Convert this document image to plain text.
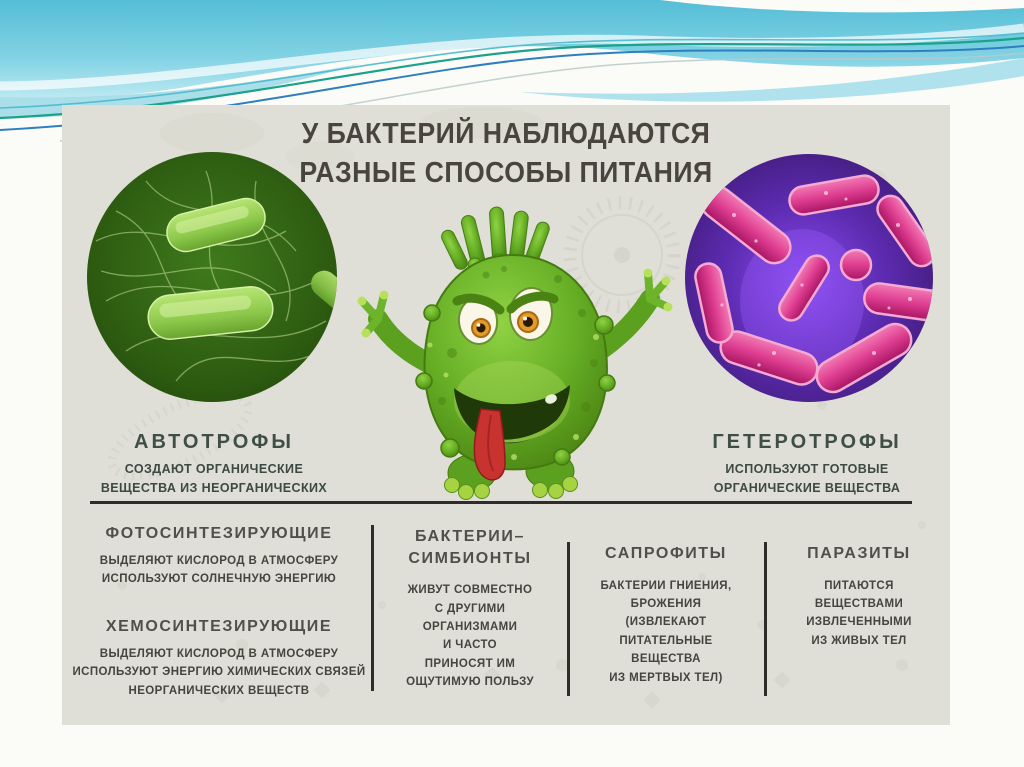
У БАКТЕРИЙ НАБЛЮДАЮТСЯ
РАЗНЫЕ СПОСОБЫ ПИТАНИЯ
АВТОТРОФЫ
СОЗДАЮТ ОРГАНИЧЕСКИЕ
ВЕЩЕСТВА ИЗ НЕОРГАНИЧЕСКИХ
ГЕТЕРОТРОФЫ
ИСПОЛЬЗУЮТ ГОТОВЫЕ
ОРГАНИЧЕСКИЕ ВЕЩЕСТВА
ФОТОСИНТЕЗИРУЮЩИЕ
ВЫДЕЛЯЮТ КИСЛОРОД В АТМОСФЕРУ
ИСПОЛЬЗУЮТ СОЛНЕЧНУЮ ЭНЕРГИЮ
ХЕМОСИНТЕЗИРУЮЩИЕ
ВЫДЕЛЯЮТ КИСЛОРОД В АТМОСФЕРУ
ИСПОЛЬЗУЮТ ЭНЕРГИЮ ХИМИЧЕСКИХ СВЯЗЕЙ
НЕОРГАНИЧЕСКИХ ВЕЩЕСТВ
БАКТЕРИИ–
СИМБИОНТЫ
ЖИВУТ СОВМЕСТНО
С ДРУГИМИ
ОРГАНИЗМАМИ
И ЧАСТО
ПРИНОСЯТ ИМ
ОЩУТИМУЮ ПОЛЬЗУ
САПРОФИТЫ
БАКТЕРИИ ГНИЕНИЯ,
БРОЖЕНИЯ
(ИЗВЛЕКАЮТ
ПИТАТЕЛЬНЫЕ
ВЕЩЕСТВА
ИЗ МЕРТВЫХ ТЕЛ)
ПАРАЗИТЫ
ПИТАЮТСЯ
ВЕЩЕСТВАМИ
ИЗВЛЕЧЕННЫМИ
ИЗ ЖИВЫХ ТЕЛ
